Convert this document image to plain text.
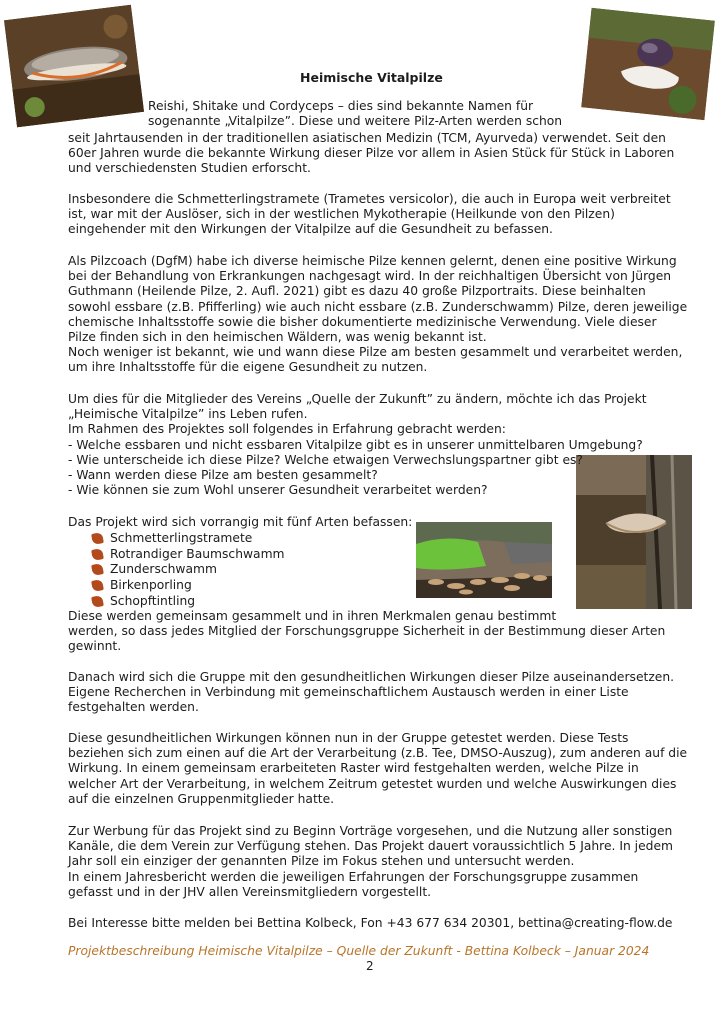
Heimische Vitalpilze
Reishi, Shitake und Cordyceps – dies sind bekannte Namen für
sogenannte „Vitalpilze”. Diese und weitere Pilz-Arten werden schon
seit Jahrtausenden in der traditionellen asiatischen Medizin (TCM, Ayurveda) verwendet. Seit den
60er Jahren wurde die bekannte Wirkung dieser Pilze vor allem in Asien Stück für Stück in Laboren
und verschiedensten Studien erforscht.
Insbesondere die Schmetterlingstramete (Trametes versicolor), die auch in Europa weit verbreitet
ist, war mit der Auslöser, sich in der westlichen Mykotherapie (Heilkunde von den Pilzen)
eingehender mit den Wirkungen der Vitalpilze auf die Gesundheit zu befassen.
Als Pilzcoach (DgfM) habe ich diverse heimische Pilze kennen gelernt, denen eine positive Wirkung
bei der Behandlung von Erkrankungen nachgesagt wird. In der reichhaltigen Übersicht von Jürgen
Guthmann (Heilende Pilze, 2. Aufl. 2021) gibt es dazu 40 große Pilzportraits. Diese beinhalten
sowohl essbare (z.B. Pfifferling) wie auch nicht essbare (z.B. Zunderschwamm) Pilze, deren jeweilige
chemische Inhaltsstoffe sowie die bisher dokumentierte medizinische Verwendung. Viele dieser
Pilze finden sich in den heimischen Wäldern, was wenig bekannt ist.
Noch weniger ist bekannt, wie und wann diese Pilze am besten gesammelt und verarbeitet werden,
um ihre Inhaltsstoffe für die eigene Gesundheit zu nutzen.
Um dies für die Mitglieder des Vereins „Quelle der Zukunft” zu ändern, möchte ich das Projekt
„Heimische Vitalpilze” ins Leben rufen.
Im Rahmen des Projektes soll folgendes in Erfahrung gebracht werden:
- Welche essbaren und nicht essbaren Vitalpilze gibt es in unserer unmittelbaren Umgebung?
- Wie unterscheide ich diese Pilze? Welche etwaigen Verwechslungspartner gibt es?
- Wann werden diese Pilze am besten gesammelt?
- Wie können sie zum Wohl unserer Gesundheit verarbeitet werden?
Das Projekt wird sich vorrangig mit fünf Arten befassen:
Schmetterlingstramete
Rotrandiger Baumschwamm
Zunderschwamm
Birkenporling
Schopftintling
Diese werden gemeinsam gesammelt und in ihren Merkmalen genau bestimmt
werden, so dass jedes Mitglied der Forschungsgruppe Sicherheit in der Bestimmung dieser Arten
gewinnt.
Danach wird sich die Gruppe mit den gesundheitlichen Wirkungen dieser Pilze auseinandersetzen.
Eigene Recherchen in Verbindung mit gemeinschaftlichem Austausch werden in einer Liste
festgehalten werden.
Diese gesundheitlichen Wirkungen können nun in der Gruppe getestet werden. Diese Tests
beziehen sich zum einen auf die Art der Verarbeitung (z.B. Tee, DMSO-Auszug), zum anderen auf die
Wirkung. In einem gemeinsam erarbeiteten Raster wird festgehalten werden, welche Pilze in
welcher Art der Verarbeitung, in welchem Zeitrum getestet wurden und welche Auswirkungen dies
auf die einzelnen Gruppenmitglieder hatte.
Zur Werbung für das Projekt sind zu Beginn Vorträge vorgesehen, und die Nutzung aller sonstigen
Kanäle, die dem Verein zur Verfügung stehen. Das Projekt dauert voraussichtlich 5 Jahre. In jedem
Jahr soll ein einziger der genannten Pilze im Fokus stehen und untersucht werden.
In einem Jahresbericht werden die jeweiligen Erfahrungen der Forschungsgruppe zusammen
gefasst und in der JHV allen Vereinsmitgliedern vorgestellt.
Bei Interesse bitte melden bei Bettina Kolbeck, Fon +43 677 634 20301, bettina@creating-flow.de
Projektbeschreibung Heimische Vitalpilze – Quelle der Zukunft - Bettina Kolbeck – Januar 2024
2
